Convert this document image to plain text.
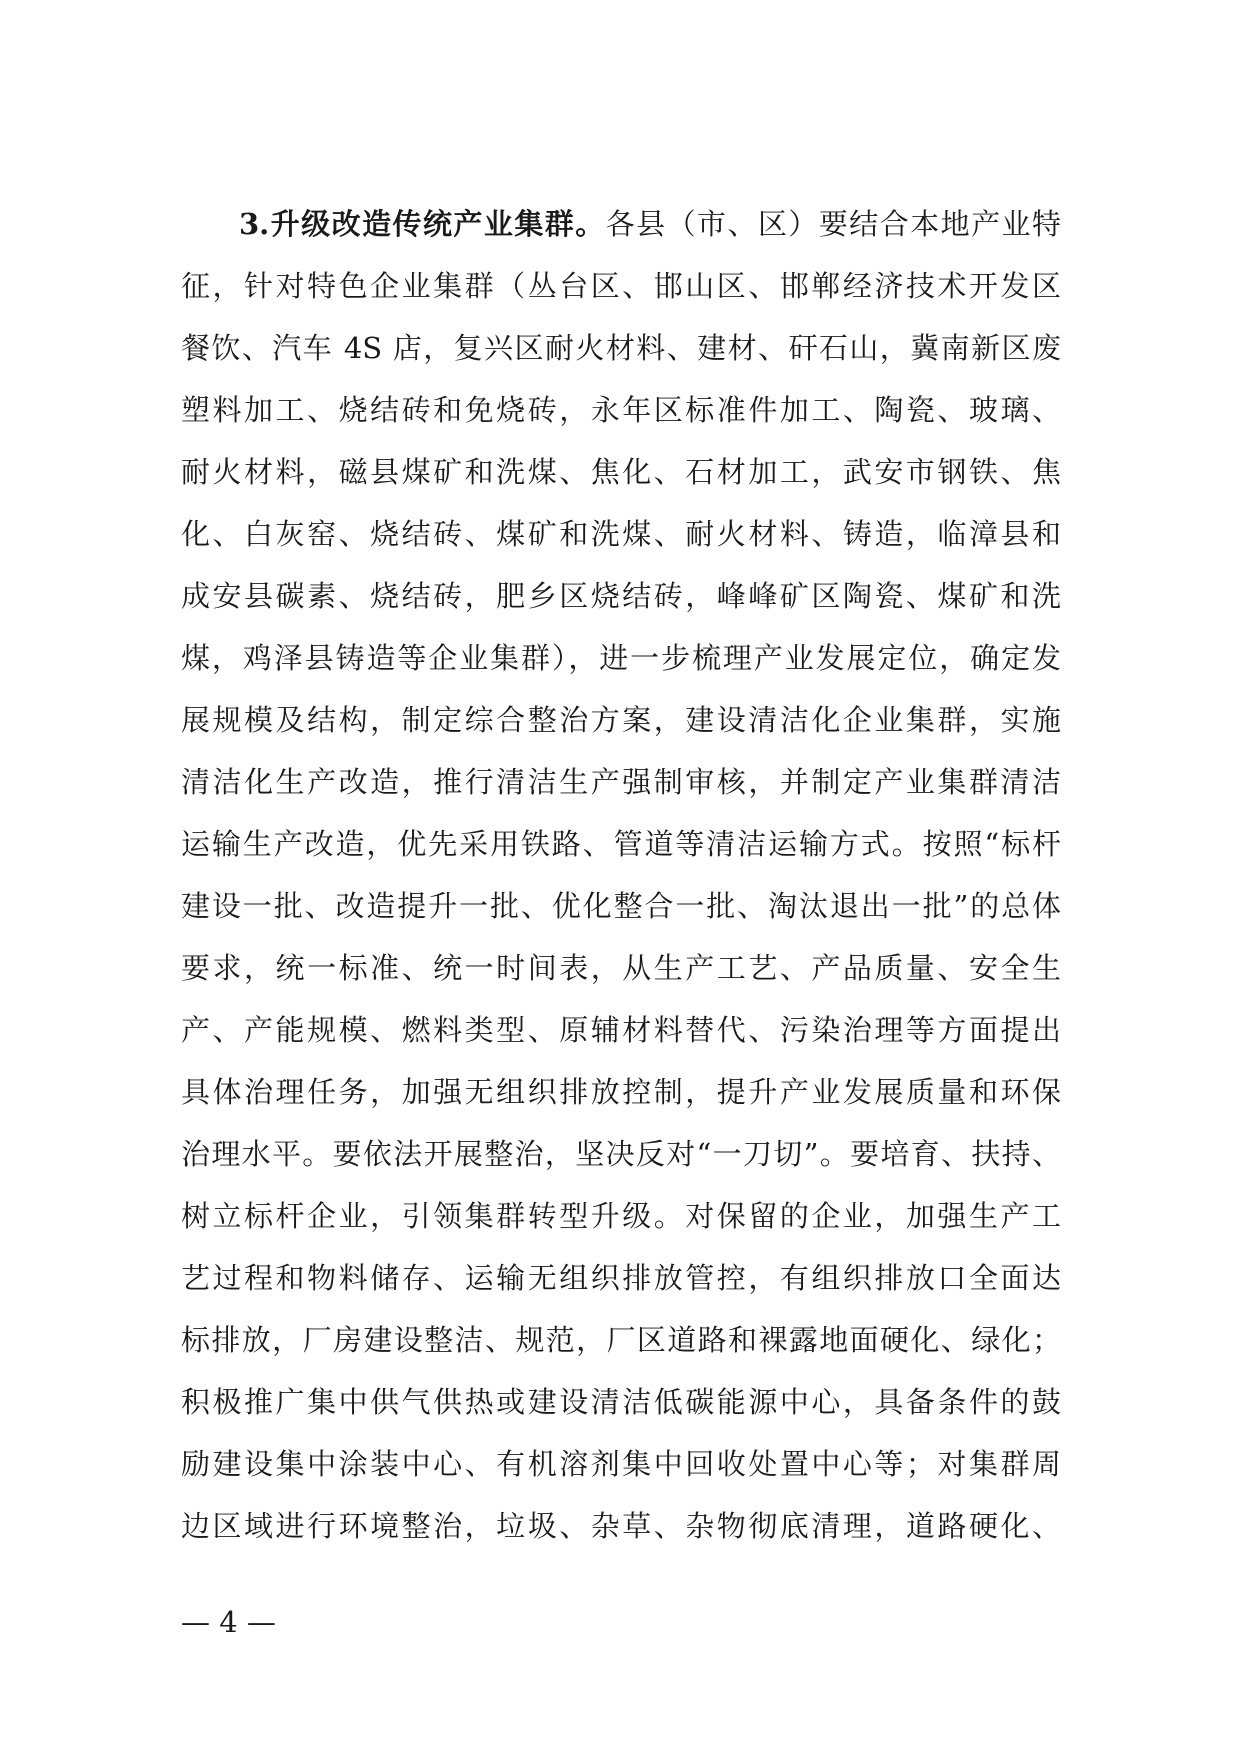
3.升级改造传统产业集群。各县（市、区）要结合本地产业特
征，针对特色企业集群（丛台区、邯山区、邯郸经济技术开发区
餐饮、汽车 4S 店，复兴区耐火材料、建材、矸石山，冀南新区废
塑料加工、烧结砖和免烧砖，永年区标准件加工、陶瓷、玻璃、
耐火材料，磁县煤矿和洗煤、焦化、石材加工，武安市钢铁、焦
化、白灰窑、烧结砖、煤矿和洗煤、耐火材料、铸造，临漳县和
成安县碳素、烧结砖，肥乡区烧结砖，峰峰矿区陶瓷、煤矿和洗
煤，鸡泽县铸造等企业集群），进一步梳理产业发展定位，确定发
展规模及结构，制定综合整治方案，建设清洁化企业集群，实施
清洁化生产改造，推行清洁生产强制审核，并制定产业集群清洁
运输生产改造，优先采用铁路、管道等清洁运输方式。按照“标杆
建设一批、改造提升一批、优化整合一批、淘汰退出一批”的总体
要求，统一标准、统一时间表，从生产工艺、产品质量、安全生
产、产能规模、燃料类型、原辅材料替代、污染治理等方面提出
具体治理任务，加强无组织排放控制，提升产业发展质量和环保
治理水平。要依法开展整治，坚决反对“一刀切”。要培育、扶持、
树立标杆企业，引领集群转型升级。对保留的企业，加强生产工
艺过程和物料储存、运输无组织排放管控，有组织排放口全面达
标排放，厂房建设整洁、规范，厂区道路和裸露地面硬化、绿化；
积极推广集中供气供热或建设清洁低碳能源中心，具备条件的鼓
励建设集中涂装中心、有机溶剂集中回收处置中心等；对集群周
边区域进行环境整治，垃圾、杂草、杂物彻底清理，道路硬化、
— 4 —
